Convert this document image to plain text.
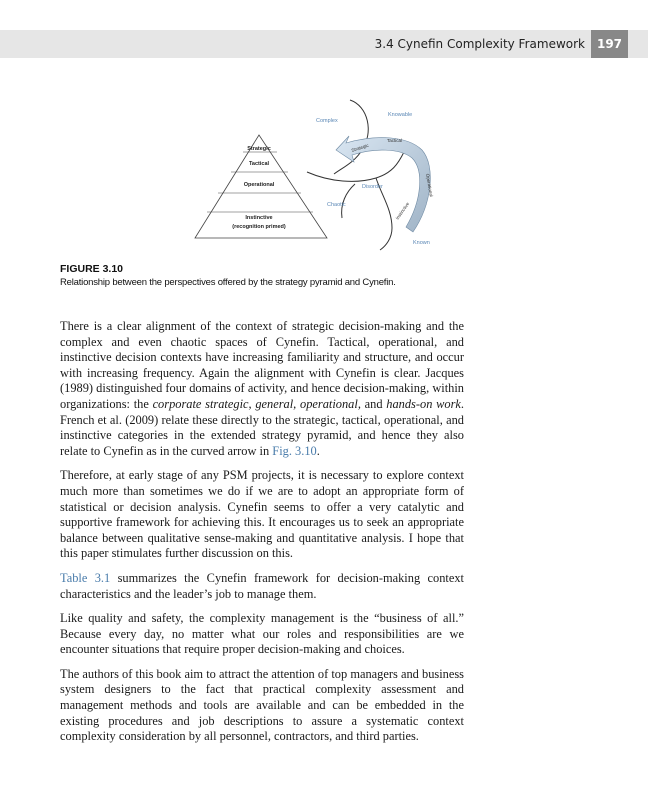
3.4 Cynefin Complexity Framework 197
Strategic
Tactical
Operational
Instinctive
(recognition primed)
Complex
Knowable
Chaotic
Known
Disorder
Strategic
Tactical
Operational
Instinctive
FIGURE 3.10
Relationship between the perspectives offered by the strategy pyramid and Cynefin.

There is a clear alignment of the context of strategic decision-making and the complex and even chaotic spaces of Cynefin. Tactical, operational, and instinctive decision contexts have increasing familiarity and structure, and occur with increasing frequency. Again the alignment with Cynefin is clear. Jacques (1989) distinguished four domains of activity, and hence decision-making, within organizations: the corporate strategic, general, operational, and hands-on work. French et al. (2009) relate these directly to the strategic, tactical, operational, and instinctive categories in the extended strategy pyramid, and hence they also relate to Cynefin as in the curved arrow in Fig. 3.10.

Therefore, at early stage of any PSM projects, it is necessary to explore context much more than sometimes we do if we are to adopt an appropriate form of statistical or decision analysis. Cynefin seems to offer a very catalytic and supportive framework for achieving this. It encourages us to seek an appropriate balance between qualitative sense-making and quantitative analysis. I hope that this paper stimulates further discussion on this.

Table 3.1 summarizes the Cynefin framework for decision-making context characteristics and the leader’s job to manage them.

Like quality and safety, the complexity management is the “business of all.” Because every day, no matter what our roles and responsibilities are we encounter situations that require proper decision-making and choices.

The authors of this book aim to attract the attention of top managers and business system designers to the fact that practical complexity assessment and management methods and tools are available and can be embedded in the existing procedures and job descriptions to assure a systematic context complexity consideration by all personnel, contractors, and third parties.
